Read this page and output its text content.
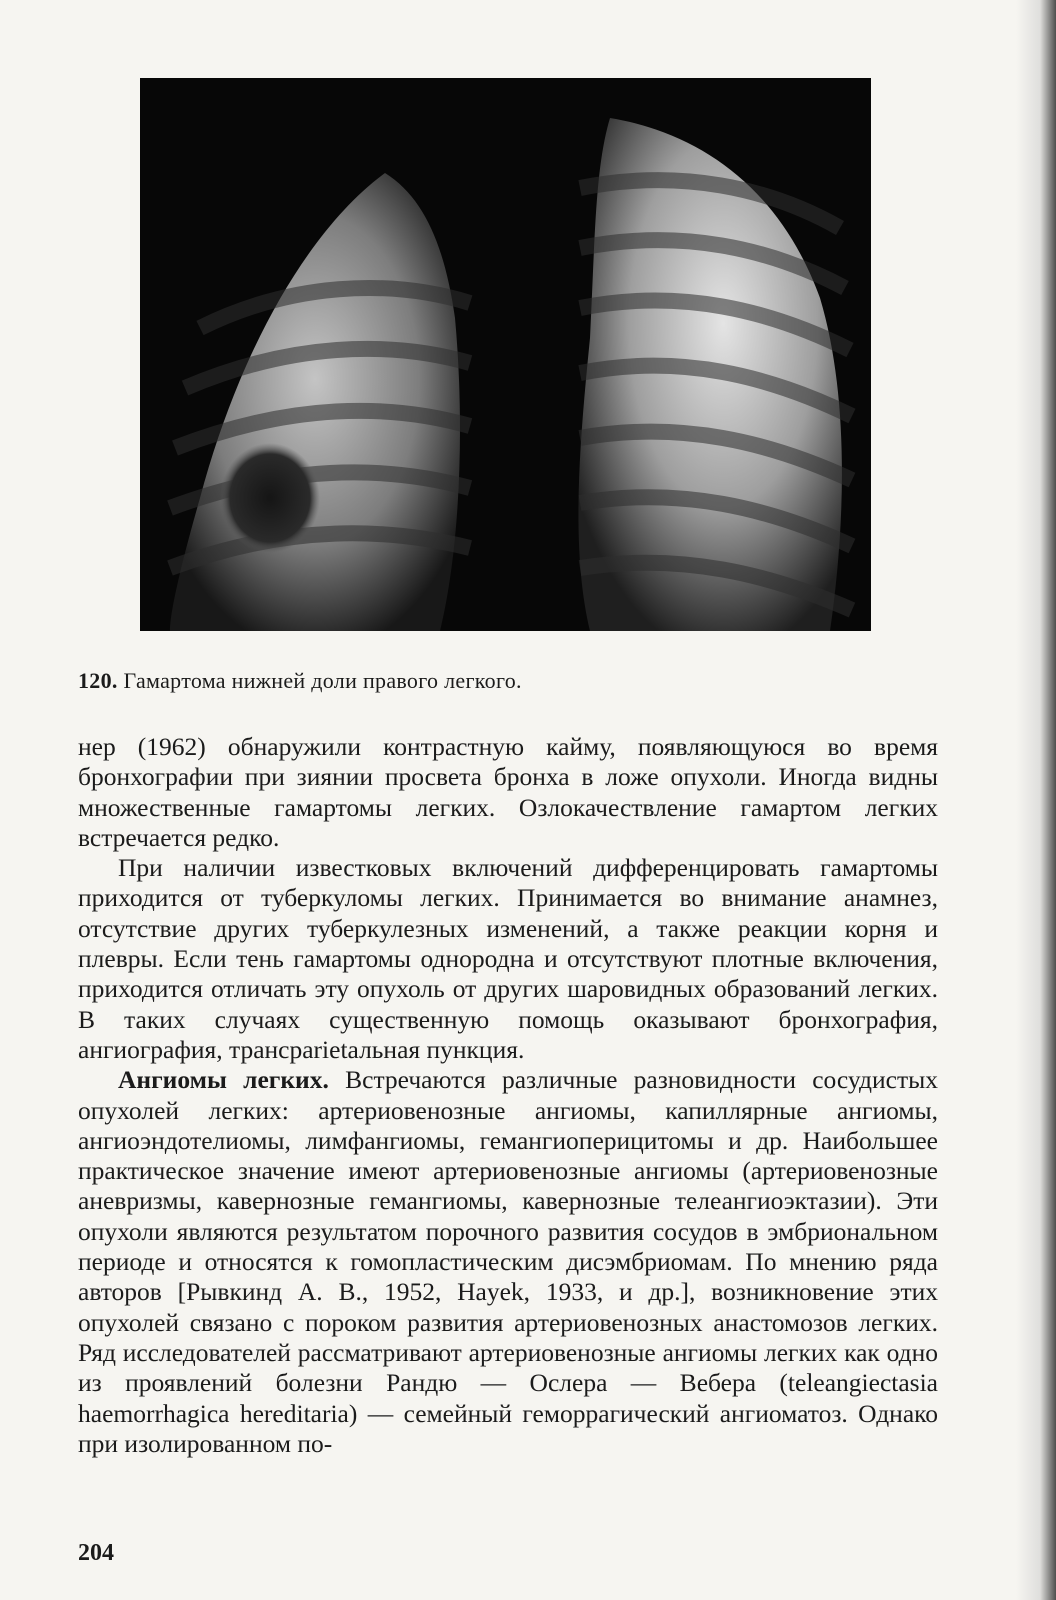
120. Гамартома нижней доли правого легкого.

нер (1962) обнаружили контрастную кайму, появляющуюся во время бронхографии при зиянии просвета бронха в ложе опухоли. Иногда видны множественные гамартомы легких. Озлокачествление гамартом легких встречается редко.

При наличии известковых включений дифференцировать гамартомы приходится от туберкуломы легких. Принимается во внимание анамнез, отсутствие других туберкулезных изменений, а также реакции корня и плевры. Если тень гамартомы однородна и отсутствуют плотные включения, приходится отличать эту опухоль от других шаровидных образований легких. В таких случаях существенную помощь оказывают бронхография, ангиография, трансparietальная пункция.

Ангиомы легких. Встречаются различные разновидности сосудистых опухолей легких: артериовенозные ангиомы, капиллярные ангиомы, ангиоэндотелиомы, лимфангиомы, гемангиоперицитомы и др. Наибольшее практическое значение имеют артериовенозные ангиомы (артериовенозные аневризмы, кавернозные гемангиомы, кавернозные телеангиоэктазии). Эти опухоли являются результатом порочного развития сосудов в эмбриональном периоде и относятся к гомопластическим дисэмбриомам. По мнению ряда авторов [Рывкинд А. В., 1952, Hayek, 1933, и др.], возникновение этих опухолей связано с пороком развития артериовенозных анастомозов легких. Ряд исследователей рассматривают артериовенозные ангиомы легких как одно из проявлений болезни Рандю — Ослера — Вебера (teleangiectasia haemorrhagica hereditaria) — семейный геморрагический ангиоматоз. Однако при изолированном по-

204
